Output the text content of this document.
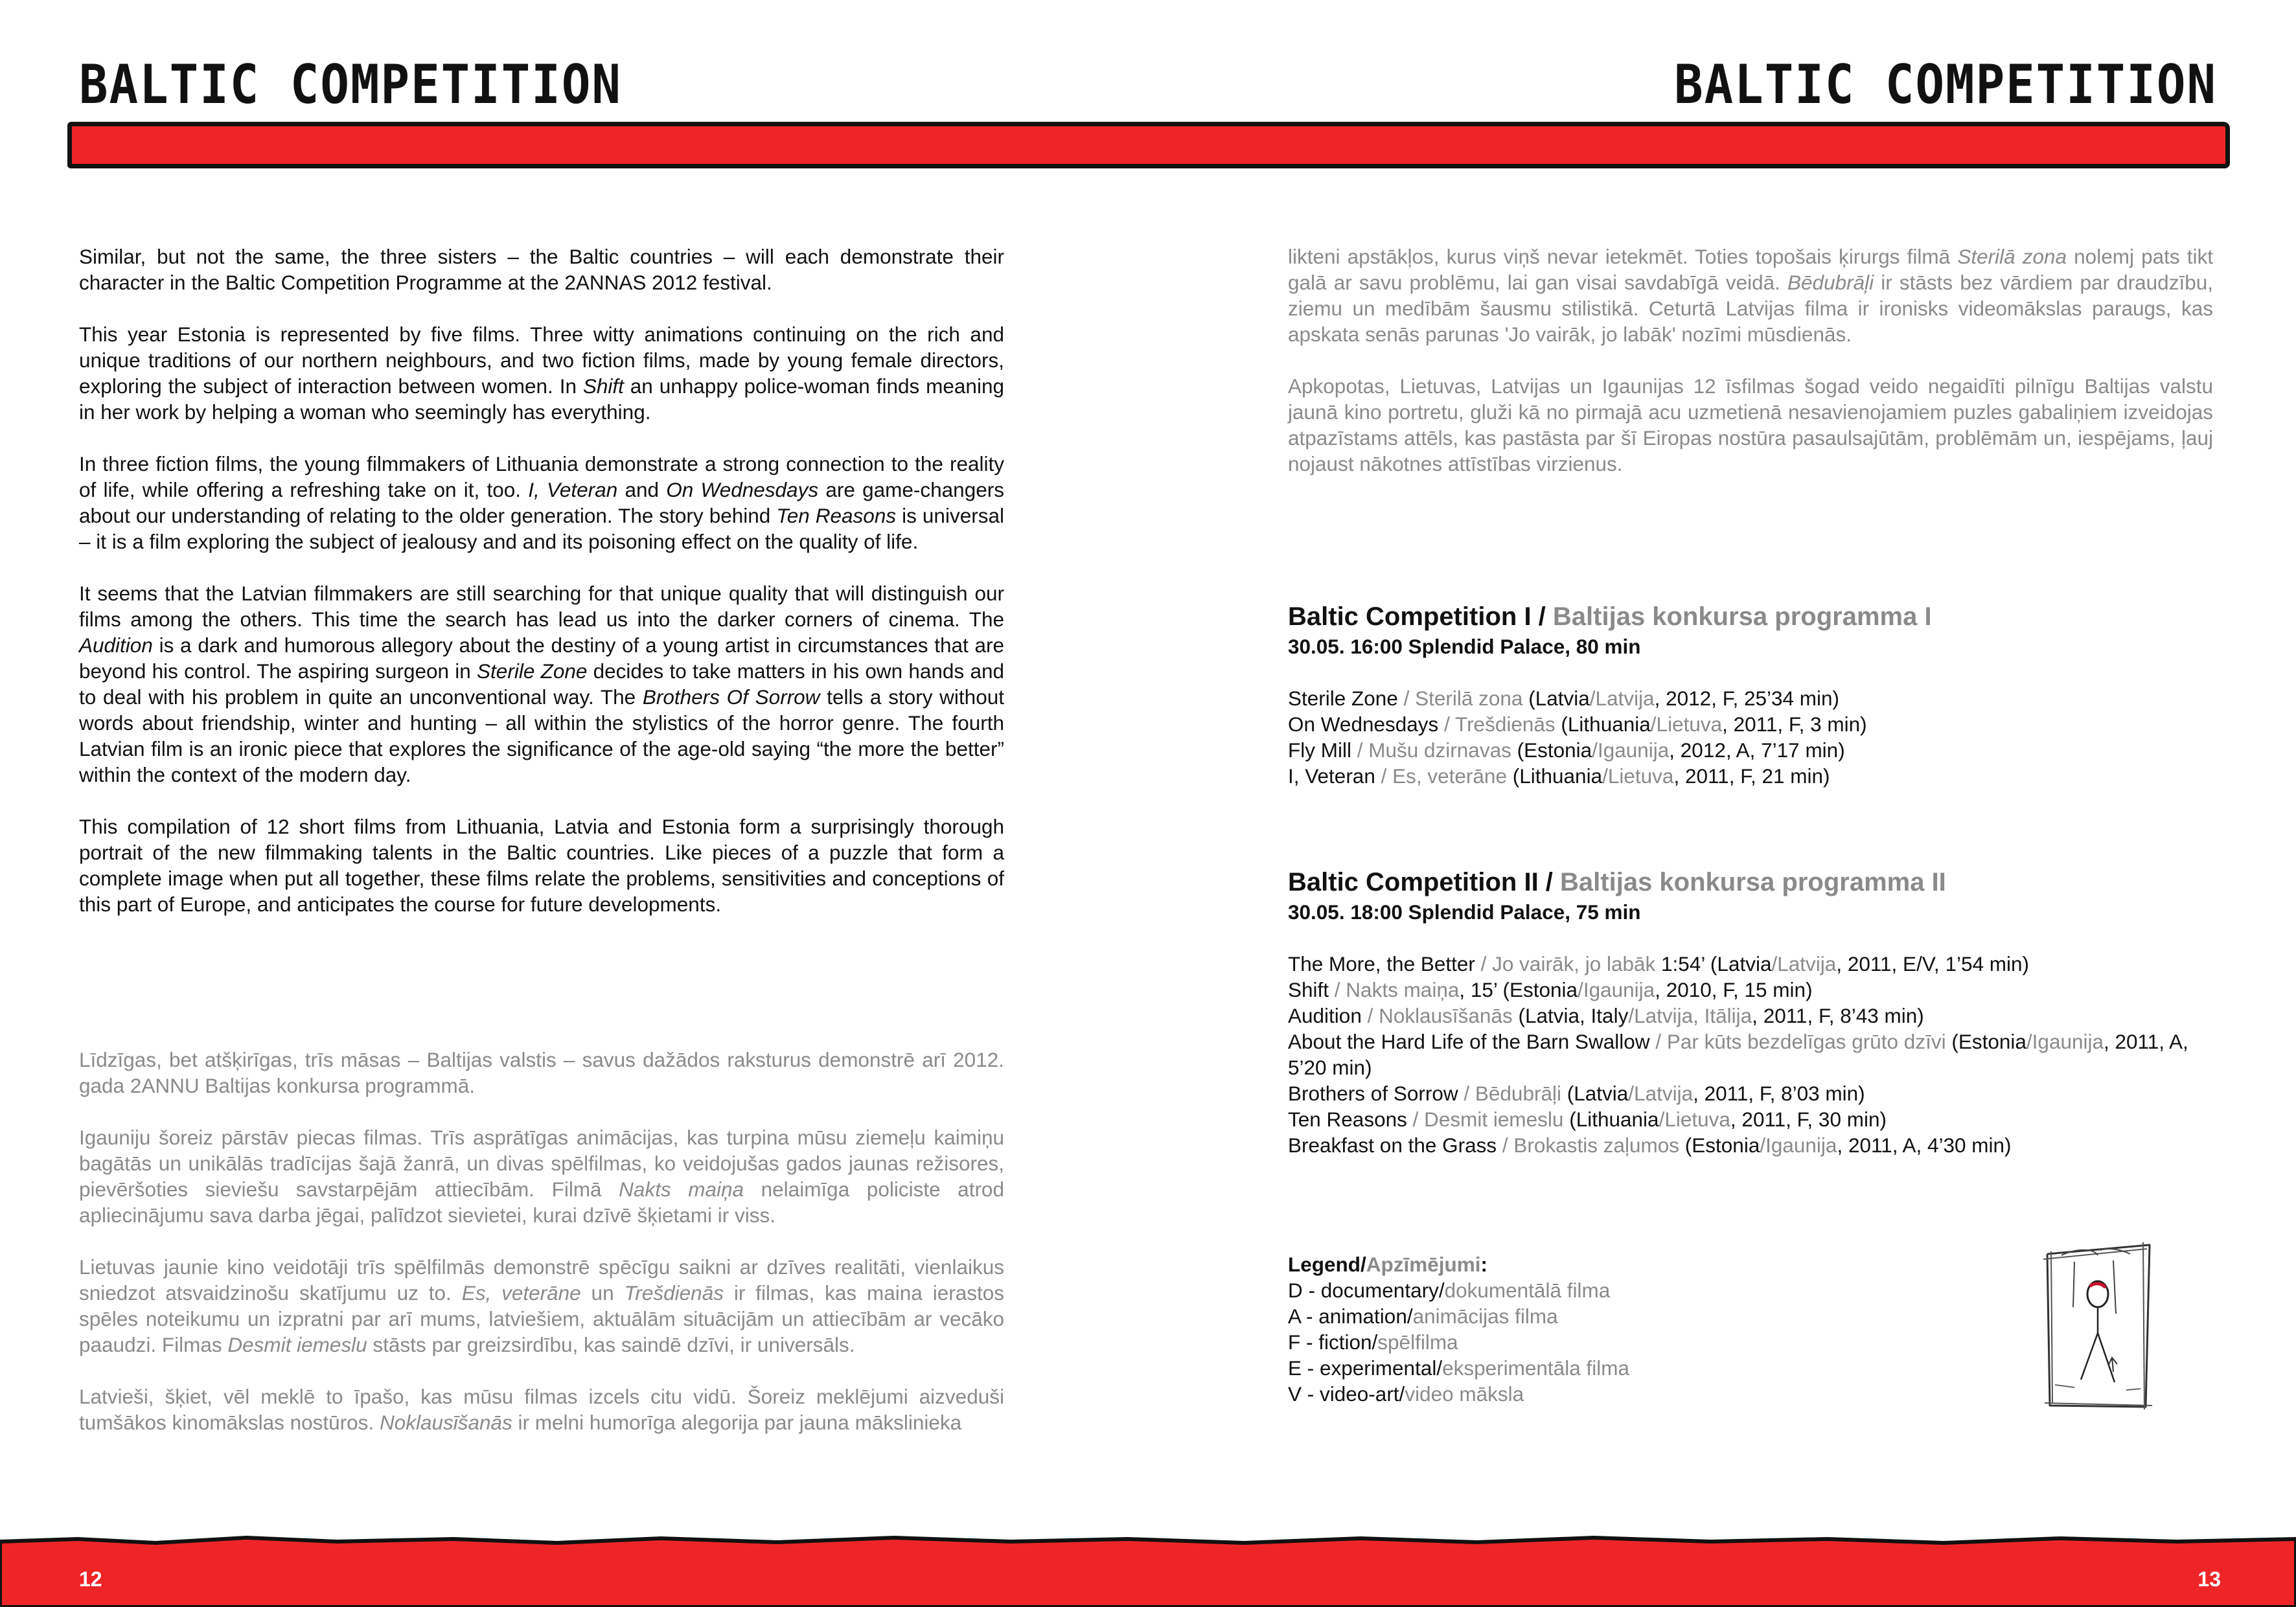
BALTIC COMPETITION	BALTIC COMPETITION

Similar, but not the same, the three sisters – the Baltic countries – will each demonstrate their character in the Baltic Competition Programme at the 2ANNAS 2012 festival.

This year Estonia is represented by five films. Three witty animations continuing on the rich and unique traditions of our northern neighbours, and two fiction films, made by young female directors, exploring the subject of interaction between women. In Shift an unhappy police-woman finds meaning in her work by helping a woman who seemingly has everything.

In three fiction films, the young filmmakers of Lithuania demonstrate a strong connection to the reality of life, while offering a refreshing take on it, too. I, Veteran and On Wednesdays are game-changers about our understanding of relating to the older generation. The story behind Ten Reasons is universal – it is a film exploring the subject of jealousy and and its poisoning effect on the quality of life.

It seems that the Latvian filmmakers are still searching for that unique quality that will distinguish our films among the others. This time the search has lead us into the darker corners of cinema. The Audition is a dark and humorous allegory about the destiny of a young artist in circumstances that are beyond his control. The aspiring surgeon in Sterile Zone decides to take matters in his own hands and to deal with his problem in quite an unconventional way. The Brothers Of Sorrow tells a story without words about friendship, winter and hunting – all within the stylistics of the horror genre. The fourth Latvian film is an ironic piece that explores the significance of the age-old saying “the more the better” within the context of the modern day.

This compilation of 12 short films from Lithuania, Latvia and Estonia form a surprisingly thorough portrait of the new filmmaking talents in the Baltic countries. Like pieces of a puzzle that form a complete image when put all together, these films relate the problems, sensitivities and conceptions of this part of Europe, and anticipates the course for future developments.

Līdzīgas, bet atšķirīgas, trīs māsas – Baltijas valstis – savus dažādos raksturus demonstrē arī 2012. gada 2ANNU Baltijas konkursa programmā.

Igauniju šoreiz pārstāv piecas filmas. Trīs asprātīgas animācijas, kas turpina mūsu ziemeļu kaimiņu bagātās un unikālās tradīcijas šajā žanrā, un divas spēlfilmas, ko veidojušas gados jaunas režisores, pievēršoties sieviešu savstarpējām attiecībām. Filmā Nakts maiņa nelaimīga policiste atrod apliecinājumu sava darba jēgai, palīdzot sievietei, kurai dzīvē šķietami ir viss.

Lietuvas jaunie kino veidotāji trīs spēlfilmās demonstrē spēcīgu saikni ar dzīves realitāti, vienlaikus sniedzot atsvaidzinošu skatījumu uz to. Es, veterāne un Trešdienās ir filmas, kas maina ierastos spēles noteikumu un izpratni par arī mums, latviešiem, aktuālām situācijām un attiecībām ar vecāko paaudzi. Filmas Desmit iemeslu stāsts par greizsirdību, kas saindē dzīvi, ir universāls.

Latvieši, šķiet, vēl meklē to īpašo, kas mūsu filmas izcels citu vidū. Šoreiz meklējumi aizveduši tumšākos kinomākslas nostūros. Noklausīšanās ir melni humorīga alegorija par jauna mākslinieka

likteni apstākļos, kurus viņš nevar ietekmēt. Toties topošais ķirurgs filmā Sterilā zona nolemj pats tikt galā ar savu problēmu, lai gan visai savdabīgā veidā. Bēdubrāļi ir stāsts bez vārdiem par draudzību, ziemu un medībām šausmu stilistikā. Ceturtā Latvijas filma ir ironisks videomākslas paraugs, kas apskata senās parunas 'Jo vairāk, jo labāk' nozīmi mūsdienās.

Apkopotas, Lietuvas, Latvijas un Igaunijas 12 īsfilmas šogad veido negaidīti pilnīgu Baltijas valstu jaunā kino portretu, gluži kā no pirmajā acu uzmetienā nesavienojamiem puzles gabaliņiem izveidojas atpazīstams attēls, kas pastāsta par šī Eiropas nostūra pasaulsajūtām, problēmām un, iespējams, ļauj nojaust nākotnes attīstības virzienus.

Baltic Competition I / Baltijas konkursa programma I
30.05. 16:00 Splendid Palace, 80 min
Sterile Zone / Sterilā zona (Latvia/Latvija, 2012, F, 25’34 min)
On Wednesdays / Trešdienās (Lithuania/Lietuva, 2011, F, 3 min)
Fly Mill / Mušu dzirnavas (Estonia/Igaunija, 2012, A, 7’17 min)
I, Veteran / Es, veterāne (Lithuania/Lietuva, 2011, F, 21 min)
Baltic Competition II / Baltijas konkursa programma II
30.05. 18:00 Splendid Palace, 75 min
The More, the Better / Jo vairāk, jo labāk 1:54’ (Latvia/Latvija, 2011, E/V, 1’54 min)
Shift / Nakts maiņa, 15’ (Estonia/Igaunija, 2010, F, 15 min)
Audition / Noklausīšanās (Latvia, Italy/Latvija, Itālija, 2011, F, 8’43 min)
About the Hard Life of the Barn Swallow / Par kūts bezdelīgas grūto dzīvi (Estonia/Igaunija, 2011, A, 5’20 min)
Brothers of Sorrow / Bēdubrāļi (Latvia/Latvija, 2011, F, 8’03 min)
Ten Reasons / Desmit iemeslu (Lithuania/Lietuva, 2011, F, 30 min)
Breakfast on the Grass / Brokastis zaļumos (Estonia/Igaunija, 2011, A, 4’30 min)
Legend/Apzīmējumi:
D - documentary/dokumentālā filma
A - animation/animācijas filma
F - fiction/spēlfilma
E - experimental/eksperimentāla filma
V - video-art/video māksla
12	13
